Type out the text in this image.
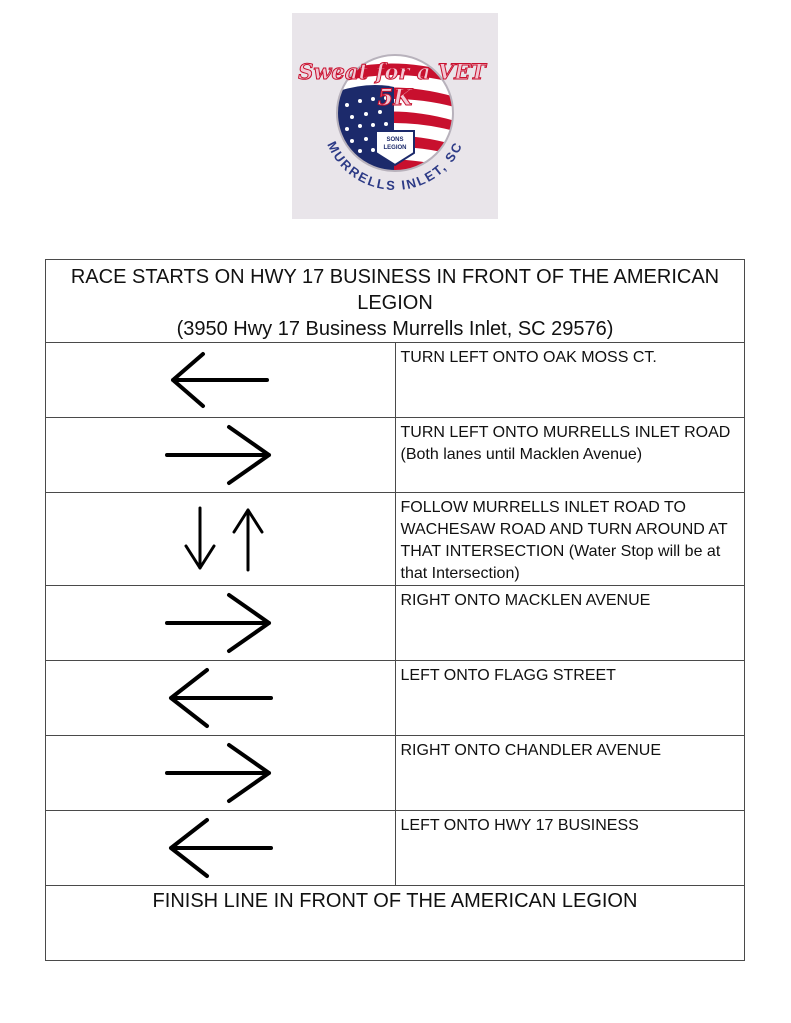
SONS
LEGION
Sweat for a VET
5K
MURRELLS INLET, SC
RACE STARTS ON HWY 17 BUSINESS IN FRONT OF THE AMERICAN LEGION
(3950 Hwy 17 Business Murrells Inlet, SC 29576)	

	TURN LEFT ONTO OAK MOSS CT.

	TURN LEFT ONTO MURRELLS INLET ROAD (Both lanes until Macklen Avenue)

	FOLLOW MURRELLS INLET ROAD TO WACHESAW ROAD AND TURN AROUND AT THAT INTERSECTION (Water Stop will be at that Intersection)

	RIGHT ONTO MACKLEN AVENUE

	LEFT ONTO FLAGG STREET

	RIGHT ONTO CHANDLER AVENUE

	LEFT ONTO HWY 17 BUSINESS
FINISH LINE IN FRONT OF THE AMERICAN LEGION	
